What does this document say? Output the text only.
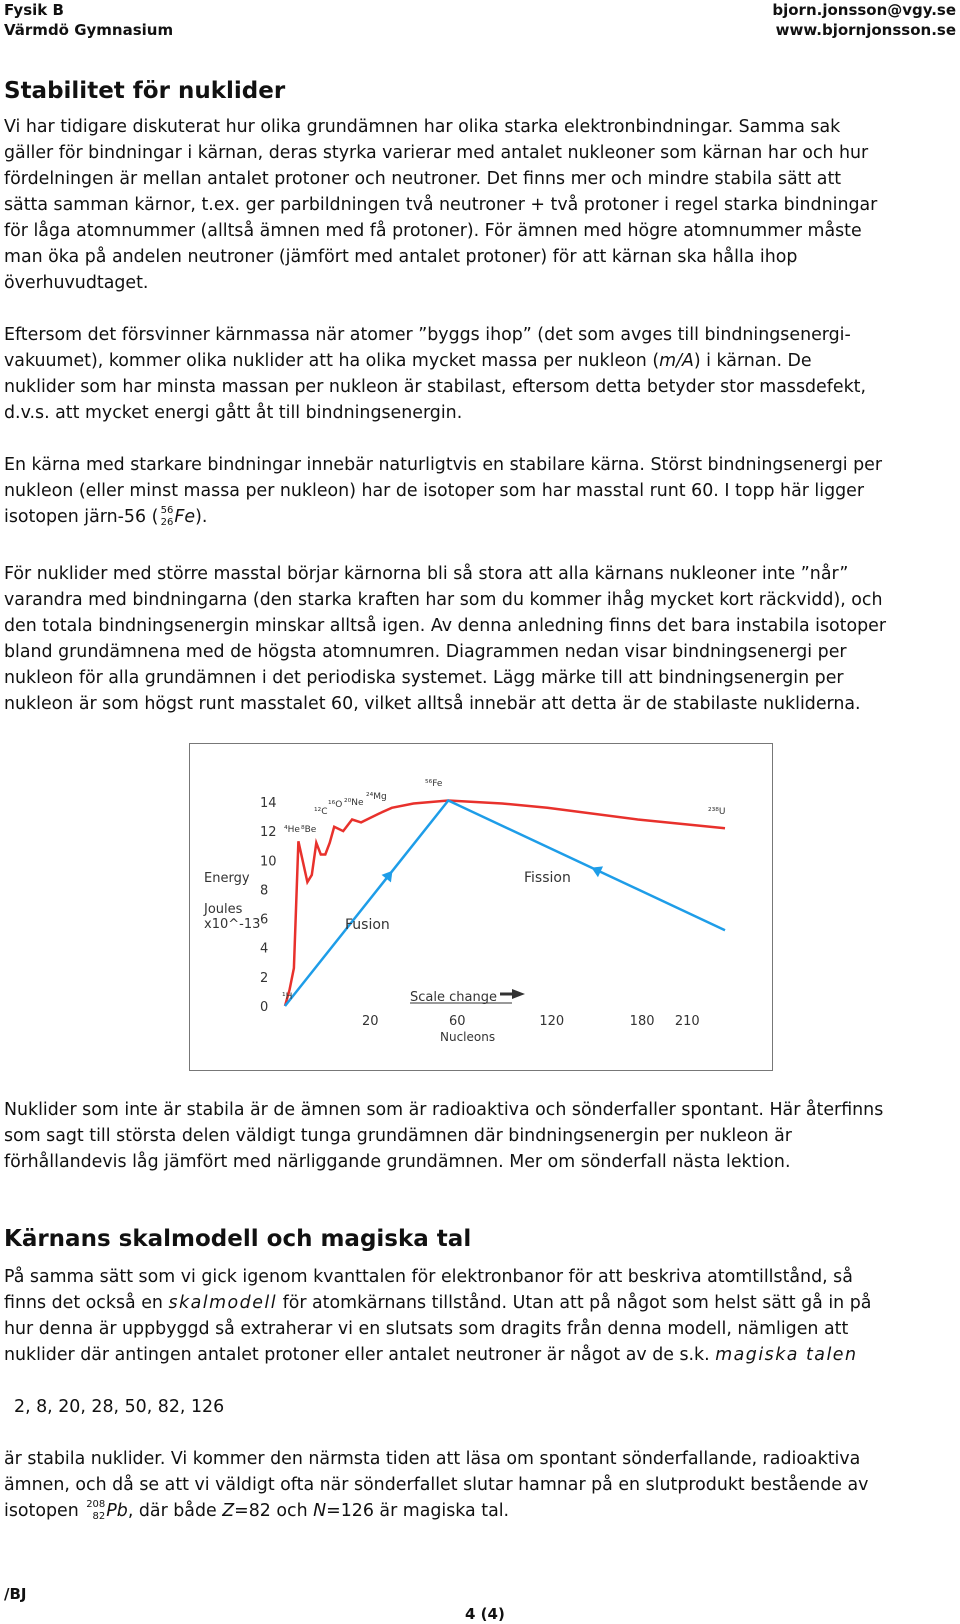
Fysik B
Värmdö Gymnasium
bjorn.jonsson@vgy.se
www.bjornjonsson.se
Stabilitet för nuklider
Vi har tidigare diskuterat hur olika grundämnen har olika starka elektronbindningar. Samma sak
gäller för bindningar i kärnan, deras styrka varierar med antalet nukleoner som kärnan har och hur
fördelningen är mellan antalet protoner och neutroner. Det finns mer och mindre stabila sätt att
sätta samman kärnor, t.ex. ger parbildningen två neutroner + två protoner i regel starka bindningar
för låga atomnummer (alltså ämnen med få protoner). För ämnen med högre atomnummer måste
man öka på andelen neutroner (jämfört med antalet protoner) för att kärnan ska hålla ihop
överhuvudtaget.
Eftersom det försvinner kärnmassa när atomer ”byggs ihop” (det som avges till bindningsenergi-
vakuumet), kommer olika nuklider att ha olika mycket massa per nukleon (m/A) i kärnan. De
nuklider som har minsta massan per nukleon är stabilast, eftersom detta betyder stor massdefekt,
d.v.s. att mycket energi gått åt till bindningsenergin.
En kärna med starkare bindningar innebär naturligtvis en stabilare kärna. Störst bindningsenergi per
nukleon (eller minst massa per nukleon) har de isotoper som har masstal runt 60. I topp här ligger
isotopen järn-56 ( 56
26 Fe).
För nuklider med större masstal börjar kärnorna bli så stora att alla kärnans nukleoner inte ”når”
varandra med bindningarna (den starka kraften har som du kommer ihåg mycket kort räckvidd), och
den totala bindningsenergin minskar alltså igen. Av denna anledning finns det bara instabila isotoper
bland grundämnena med de högsta atomnumren. Diagrammen nedan visar bindningsenergi per
nukleon för alla grundämnen i det periodiska systemet. Lägg märke till att bindningsenergin per
nukleon är som högst runt masstalet 60, vilket alltså innebär att detta är de stabilaste nukliderna.
14
12
10
8
6
4
2
0
20	60	120	180 210
Energy
Joules
x10^-13	Fusion
Fission
Scale change
Nucleons
¹H
⁴He ⁸Be
¹²C
¹⁶O ²⁰Ne
²⁴Mg
⁵⁶Fe
²³⁸U
Nuklider som inte är stabila är de ämnen som är radioaktiva och sönderfaller spontant. Här återfinns
som sagt till största delen väldigt tunga grundämnen där bindningsenergin per nukleon är
förhållandevis låg jämfört med närliggande grundämnen. Mer om sönderfall nästa lektion.
Kärnans skalmodell och magiska tal
På samma sätt som vi gick igenom kvanttalen för elektronbanor för att beskriva atomtillstånd, så
finns det också en skalmodell för atomkärnans tillstånd. Utan att på något som helst sätt gå in på
hur denna är uppbyggd så extraherar vi en slutsats som dragits från denna modell, nämligen att
nuklider där antingen antalet protoner eller antalet neutroner är något av de s.k. magiska talen
2, 8, 20, 28, 50, 82, 126
är stabila nuklider. Vi kommer den närmsta tiden att läsa om spontant sönderfallande, radioaktiva
ämnen, och då se att vi väldigt ofta när sönderfallet slutar hamnar på en slutprodukt bestående av
isotopen 208
82 Pb, där både Z=82 och N=126 är magiska tal.
/BJ
4 (4)
